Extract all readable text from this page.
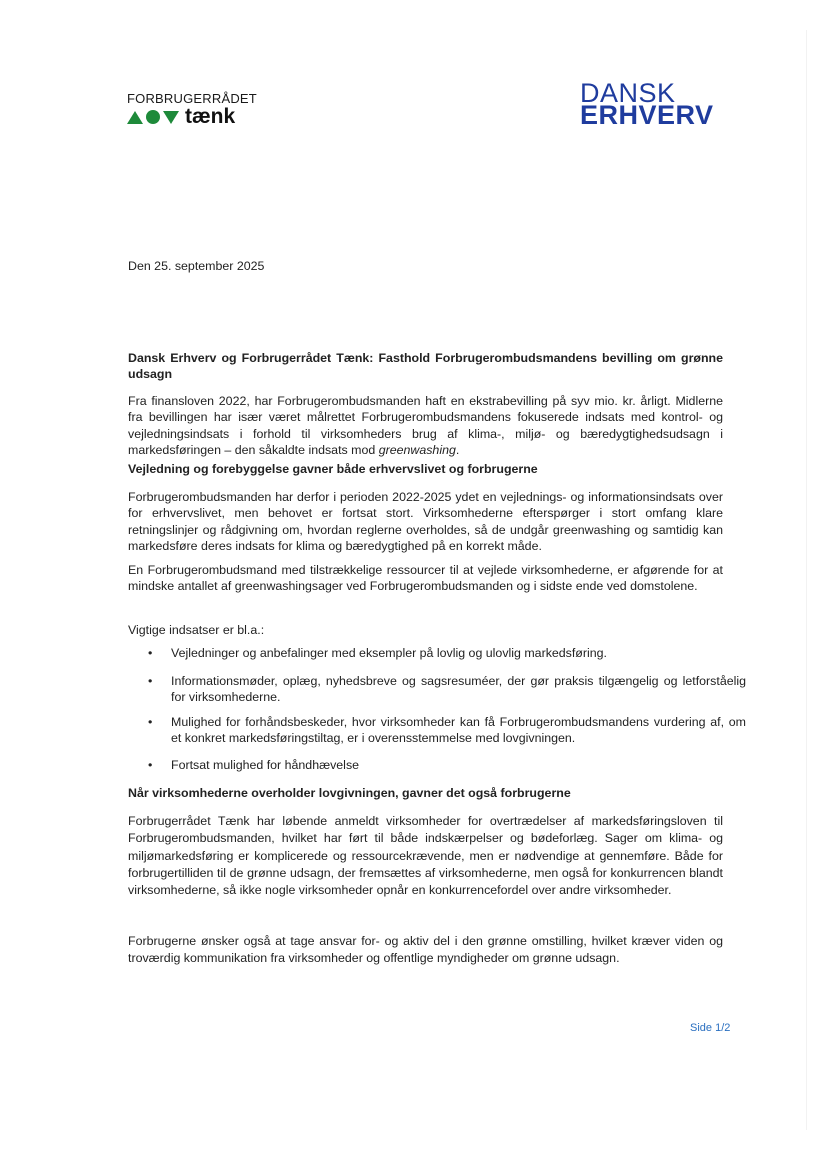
FORBRUGERRÅDET
tænk
DANSK
ERHVERV

Den 25. september 2025

Dansk Erhverv og Forbrugerrådet Tænk: Fasthold Forbrugerombudsmandens bevilling om grønne udsagn

Fra finansloven 2022, har Forbrugerombudsmanden haft en ekstrabevilling på syv mio. kr. årligt. Midlerne fra bevillingen har især været målrettet Forbrugerombudsmandens fokuserede indsats med kontrol- og vejledningsindsats i forhold til virksomheders brug af klima-, miljø- og bæredygtighedsudsagn i markedsføringen – den såkaldte indsats mod greenwashing.

Vejledning og forebyggelse gavner både erhvervslivet og forbrugerne

Forbrugerombudsmanden har derfor i perioden 2022-2025 ydet en vejlednings- og informationsindsats over for erhvervslivet, men behovet er fortsat stort. Virksomhederne efterspørger i stort omfang klare retningslinjer og rådgivning om, hvordan reglerne overholdes, så de undgår greenwashing og samtidig kan markedsføre deres indsats for klima og bæredygtighed på en korrekt måde.

En Forbrugerombudsmand med tilstrækkelige ressourcer til at vejlede virksomhederne, er afgørende for at mindske antallet af greenwashingsager ved Forbrugerombudsmanden og i sidste ende ved domstolene.

Vigtige indsatser er bl.a.:

• Vejledninger og anbefalinger med eksempler på lovlig og ulovlig markedsføring.
• Informationsmøder, oplæg, nyhedsbreve og sagsresuméer, der gør praksis tilgængelig og letforståelig for virksomhederne.
• Mulighed for forhåndsbeskeder, hvor virksomheder kan få Forbrugerombudsmandens vurdering af, om et konkret markedsføringstiltag, er i overensstemmelse med lovgivningen.
• Fortsat mulighed for håndhævelse

Når virksomhederne overholder lovgivningen, gavner det også forbrugerne

Forbrugerrådet Tænk har løbende anmeldt virksomheder for overtrædelser af markedsføringsloven til Forbrugerombudsmanden, hvilket har ført til både indskærpelser og bødeforlæg. Sager om klima- og miljømarkedsføring er komplicerede og ressourcekrævende, men er nødvendige at gennemføre. Både for forbrugertilliden til de grønne udsagn, der fremsættes af virksomhederne, men også for konkurrencen blandt virksomhederne, så ikke nogle virksomheder opnår en konkurrencefordel over andre virksomheder.

Forbrugerne ønsker også at tage ansvar for- og aktiv del i den grønne omstilling, hvilket kræver viden og troværdig kommunikation fra virksomheder og offentlige myndigheder om grønne udsagn.

Side 1/2
